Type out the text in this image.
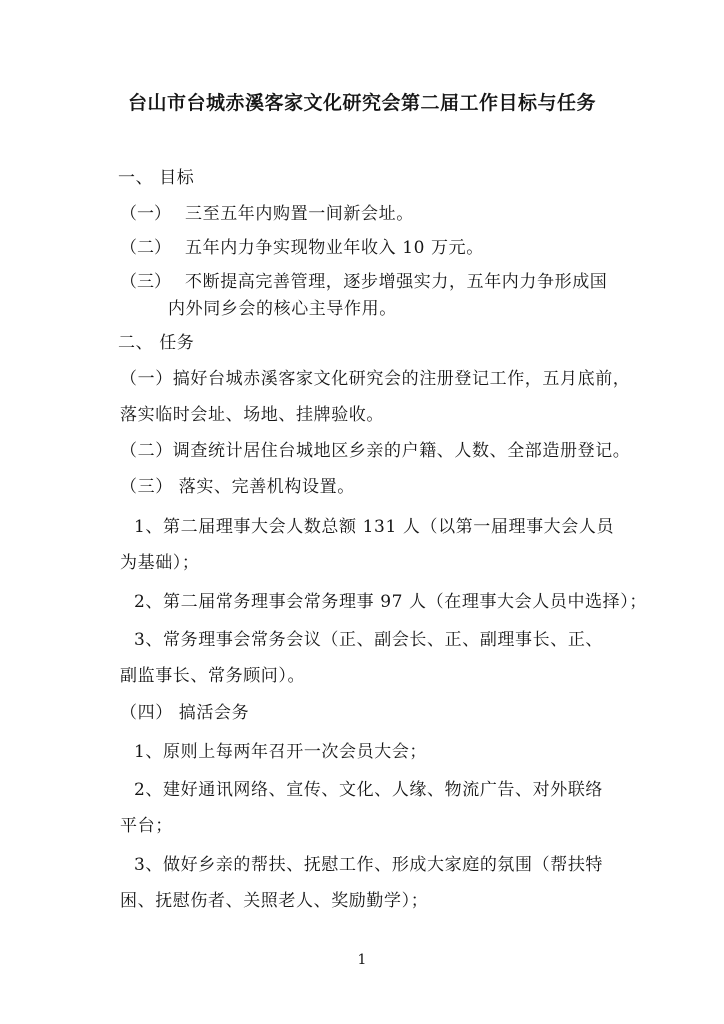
台山市台城赤溪客家文化研究会第二届工作目标与任务
一、 目标
（一） 三至五年内购置一间新会址。
（二） 五年内力争实现物业年收入 10 万元。
（三） 不断提高完善管理，逐步增强实力，五年内力争形成国
内外同乡会的核心主导作用。
二、 任务
（一）搞好台城赤溪客家文化研究会的注册登记工作，五月底前，
落实临时会址、场地、挂牌验收。
（二）调查统计居住台城地区乡亲的户籍、人数、全部造册登记。
（三） 落实、完善机构设置。
1、第二届理事大会人数总额 131 人（以第一届理事大会人员
为基础）；
2、第二届常务理事会常务理事 97 人（在理事大会人员中选择）；
3、常务理事会常务会议（正、副会长、正、副理事长、正、
副监事长、常务顾问）。
（四） 搞活会务
1、原则上每两年召开一次会员大会；
2、建好通讯网络、宣传、文化、人缘、物流广告、对外联络
平台；
3、做好乡亲的帮扶、抚慰工作、形成大家庭的氛围（帮扶特
困、抚慰伤者、关照老人、奖励勤学）；
1
